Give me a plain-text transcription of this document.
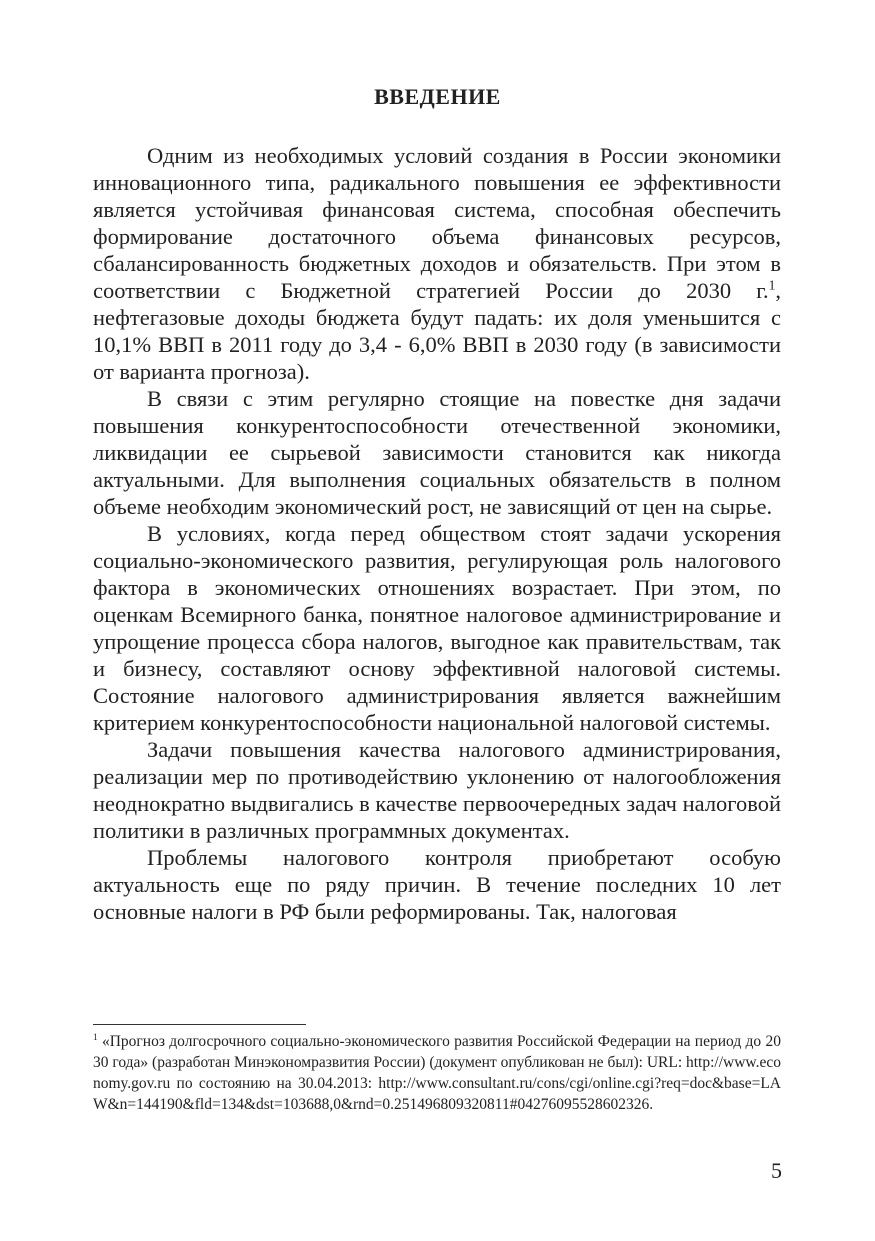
ВВЕДЕНИЕ

Одним из необходимых условий создания в России экономики инновационного типа, радикального повышения ее эффективности является устойчивая финансовая система, способная обеспечить формирование достаточного объема финансовых ресурсов, сбалансированность бюджетных доходов и обязательств. При этом в соответствии с Бюджетной стратегией России до 2030 г.$^1$, нефтегазовые доходы бюджета будут падать: их доля уменьшится с 10,1% ВВП в 2011 году до 3,4 - 6,0% ВВП в 2030 году (в зависимости от варианта прогноза).

В связи с этим регулярно стоящие на повестке дня задачи повышения конкурентоспособности отечественной экономики, ликвидации ее сырьевой зависимости становится как никогда актуальными. Для выполнения социальных обязательств в полном объеме необходим экономический рост, не зависящий от цен на сырье.

В условиях, когда перед обществом стоят задачи ускорения социально-экономического развития, регулирующая роль налогового фактора в экономических отношениях возрастает. При этом, по оценкам Всемирного банка, понятное налоговое администрирование и упрощение процесса сбора налогов, выгодное как правительствам, так и бизнесу, составляют основу эффективной налоговой системы. Состояние налогового администрирования является важнейшим критерием конкурентоспособности национальной налоговой системы.

Задачи повышения качества налогового администрирования, реализации мер по противодействию уклонению от налогообложения неоднократно выдвигались в качестве первоочередных задач налоговой политики в различных программных документах.

Проблемы налогового контроля приобретают особую актуальность еще по ряду причин. В течение последних 10 лет основные налоги в РФ были реформированы. Так, налоговая

$^1$ «Прогноз долгосрочного социально-экономического развития Российской Федерации на период до 2030 года» (разработан Минэкономразвития России) (документ опубликован не был): URL: http://www.economy.gov.ru по состоянию на 30.04.2013: http://www.consultant.ru/cons/cgi/online.cgi?req=doc&base=LAW&n=144190&fld=134&dst=103688,0&rnd=0.25149680932081​1#04276095528602326.
5
